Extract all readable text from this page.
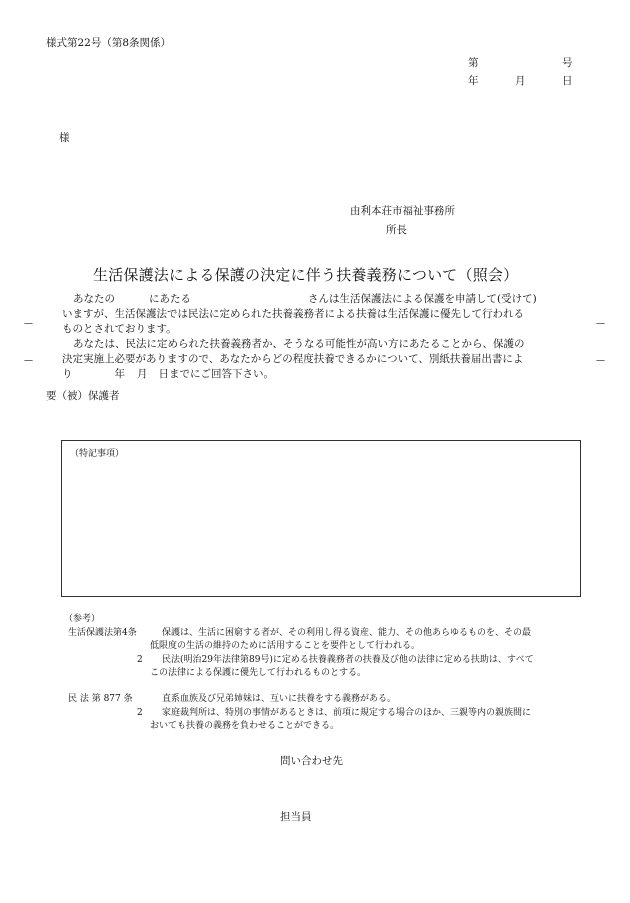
様式第22号（第8条関係）
第	号
年	月	日
様
由利本荘市福祉事務所
所長
生活保護法による保護の決定に伴う扶養義務について（照会）
あなたの	にあたる	さんは生活保護法による保護を申請して(受けて)
いますが、生活保護法では民法に定められた扶養義務者による扶養は生活保護に優先して行われる
ものとされております。
あなたは、民法に定められた扶養義務者か、そうなる可能性が高い方にあたることから、保護の
決定実施上必要がありますので、あなたからどの程度扶養できるかについて、別紙扶養届出書によ
り	年 月 日までにご回答下さい。
—
—
—
—
要（被）保護者
（特記事項）
（参考）
生活保護法第4条	保護は、生活に困窮する者が、その利用し得る資産、能力、その他あらゆるものを、その最
低限度の生活の維持のために活用することを要件として行われる。
2 民法(明治29年法律第89号)に定める扶養義務者の扶養及び他の法律に定める扶助は、すべて
この法律による保護に優先して行われるものとする。
民 法 第 877 条	直系血族及び兄弟姉妹は、互いに扶養をする義務がある。
2 家庭裁判所は、特別の事情があるときは、前項に規定する場合のほか、三親等内の親族間に
おいても扶養の義務を負わせることができる。
問い合わせ先
担当員
